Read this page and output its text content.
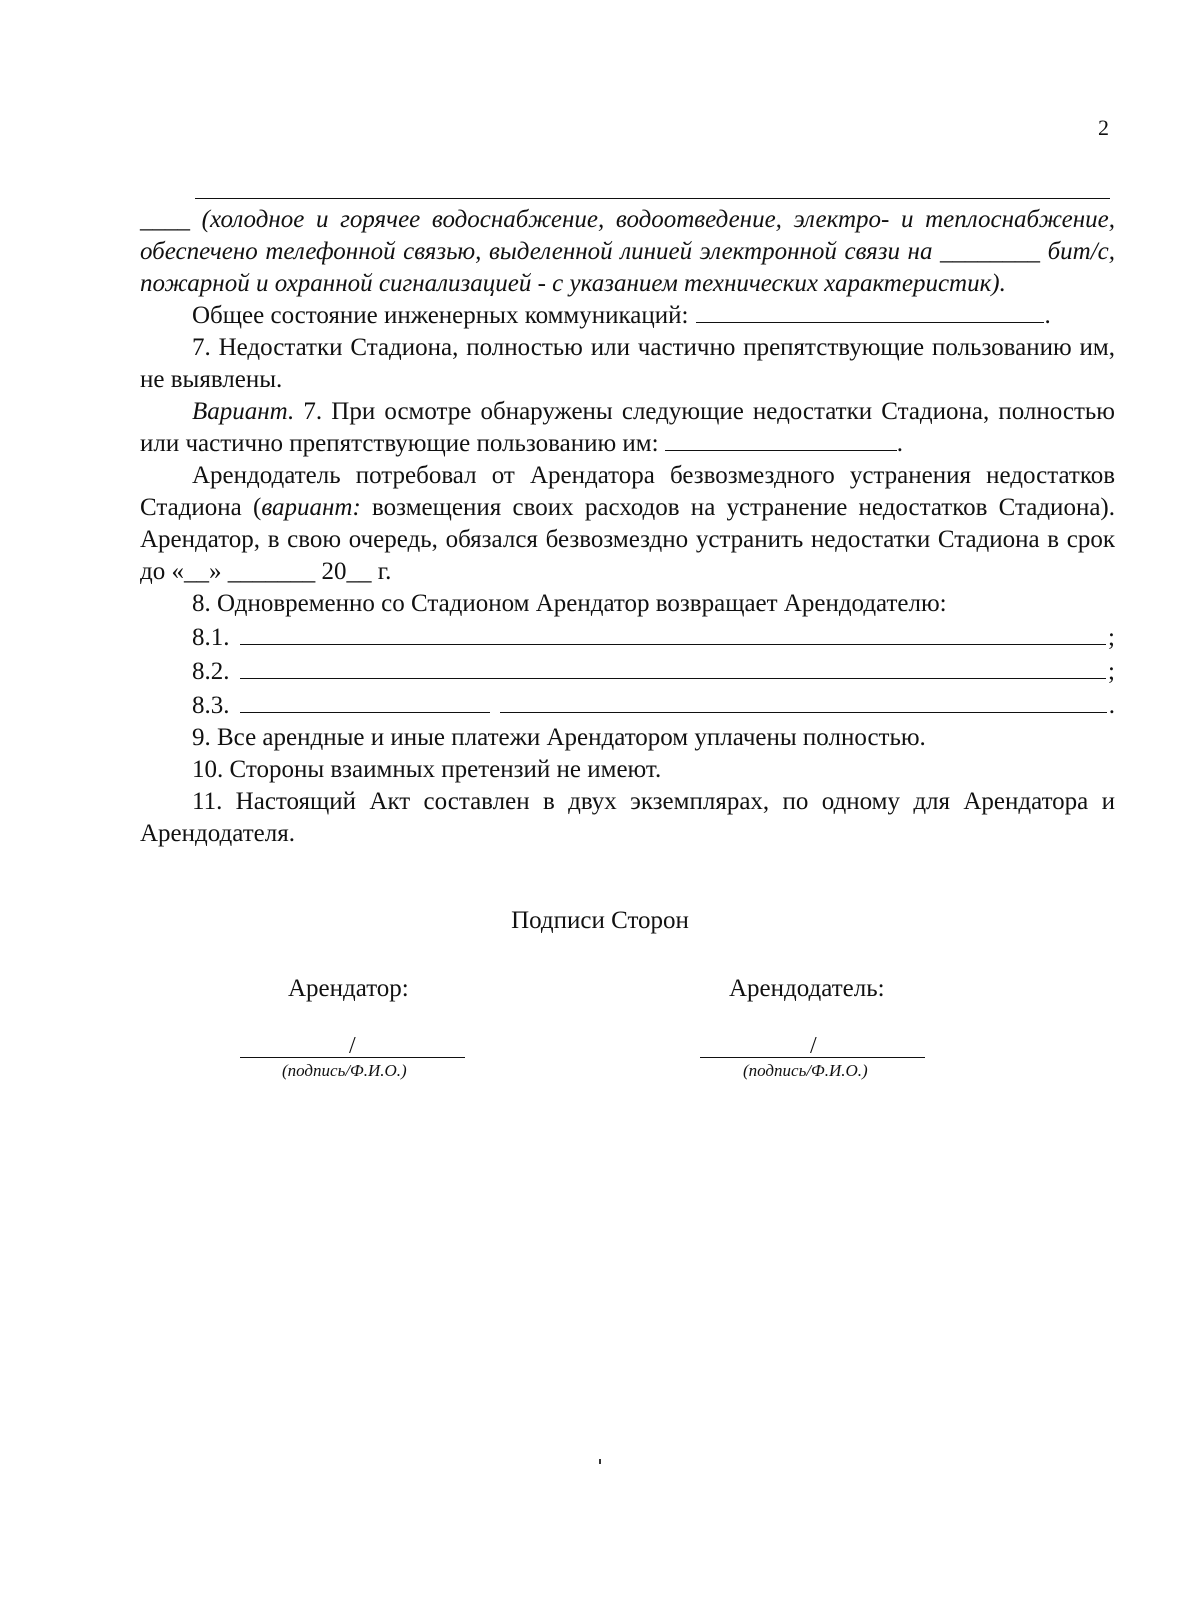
2

____ (холодное и горячее водоснабжение, водоотведение, электро- и теплоснабжение, обеспечено телефонной связью, выделенной линией электронной связи на ________ бит/с, пожарной и охранной сигнализацией - с указанием технических характеристик).

Общее состояние инженерных коммуникаций:	.

7. Недостатки Стадиона, полностью или частично препятствующие пользованию им, не выявлены.

Вариант. 7. При осмотре обнаружены следующие недостатки Стадиона, полностью или частично препятствующие пользованию им:	.

Арендодатель потребовал от Арендатора безвозмездного устранения недостатков Стадиона (вариант: возмещения своих расходов на устранение недостатков Стадиона). Арендатор, в свою очередь, обязался безвозмездно устранить недостатки Стадиона в срок до «__» _______ 20__ г.

8. Одновременно со Стадионом Арендатор возвращает Арендодателю:

8.1.	;
8.2.	;
8.3.	.

9. Все арендные и иные платежи Арендатором уплачены полностью.

10. Стороны взаимных претензий не имеют.

11. Настоящий Акт составлен в двух экземплярах, по одному для Арендатора и Арендодателя.

Подписи Сторон
Арендатор:
/
(подпись/Ф.И.О.)
Арендодатель:
/
(подпись/Ф.И.О.)
